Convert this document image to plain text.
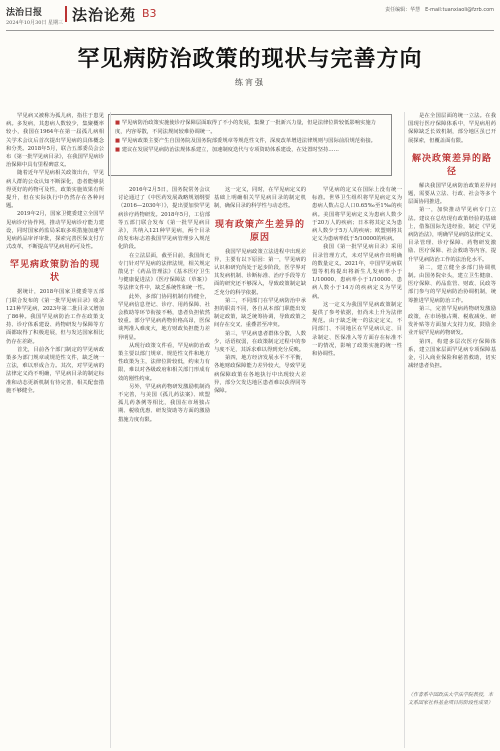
法治日报
2024年10月30日 星期三 法治论苑 B3	责任编辑：华慧　E-mail:tuanxiaoli@fzrb.com
罕见病防治政策的现状与完善方向
练宵强

■ 罕见病防治政策实施使诊疗保障层面取得了不小的发展，集聚了一批新兴力量，但是法律位阶较低影响实施力度，内容零散，不同法规间较难协调统一。

■ 罕见病政策主要产生自国务院及国务院部委规章等规范性文件，深度改革增进法律规则与国际前沿规范衔接。

■ 建议在发展罕见病防治法规体系建立，加速制度迭代与专项资助体系建设，在处置时坚持……

罕见病又被称为孤儿病，指往于患见病。多发病，其患病人数较少，集聚概率较小，我国在1964年在第一届孤儿病相关学术会议后首次提出罕见病的具体概念和分类。2018年5月，联合五部委员会公布《第一批罕见病目录》，在我国罕见病诊治保障中具有里程碑意义。

随着近年罕见病相关政策出台，罕见病人群的公众认知不断深化，患者能够获得更好的药物可及性，政策实施效果有所提升，但在实际执行中仍然存在各种问题。

2019年2月，国家卫健委建立全国罕见病诊疗协作网，推动罕见病诊疗能力建设，同时国家药监局采取多项措施加速罕见病药品审评审批，探索完善医保支付方式改革，不断提高罕见病用药可及性。

罕见病政策防治的现状

据统计，2018年国家卫健委等五部门联合发布的《第一批罕见病目录》收录121种罕见病，2023年第二批目录又增加了86种。我国罕见病防治工作在政策支持、诊疗体系建设、药物研发与保障等方面都取得了积极进展，但与发达国家相比仍存在差距。

首先，目前各个部门制定的罕见病政策多为部门规章或规范性文件，缺乏统一立法，难以形成合力。其次，对罕见病的法律定义尚不明确，罕见病目录的制定标准和动态更新机制有待完善，相关配套措施不够健全。

2016年2月5日，国务院常务会议讨论通过了《中医药发展战略规划纲要（2016—2030年）》，提出要加快罕见病诊疗药物研发。2018年5月，工信部等五部门联合发布《第一批罕见病目录》，共纳入121种罕见病，两个目录的发布标志着我国罕见病管理步入规范化阶段。

在立法层面，截至目前，我国尚无专门针对罕见病的法律法规，相关规定散见于《药品管理法》《基本医疗卫生与健康促进法》《医疗保障法（草案）》等法律文件中，缺乏系统性和统一性。

此外，多部门协同机制有待健全，罕见病信息登记、诊疗、用药保障、社会救助等环节衔接不畅，患者负担依然较重。部分罕见病药物价格高昂，医保谈判准入难度大，地方财政负担能力差异明显。

从现行政策文件看，罕见病防治政策主要以部门规章、规范性文件和地方性政策为主，法律位阶较低，约束力有限，难以对各级政府和相关部门形成有效的刚性约束。

另外，罕见病药物研发激励机制尚不完善，与美国《孤儿药法案》、欧盟孤儿药条例等相比，我国在市场独占期、税收优惠、研发资助等方面的激励措施力度有限。

这一定义，同时，在罕见病定义的基础上明确相关罕见病目录的制定机制，确保目录的科学性与动态性。

现有政策产生差异的原因

我国罕见病政策立法进程中出现差异，主要有以下原因：第一，罕见病的认识和研究尚处于起步阶段，医学界对其发病机制、诊断标准、治疗手段等方面的研究还不够深入，导致政策制定缺乏充分的科学依据。

第二，不同部门在罕见病防治中承担的职责不同，各自从本部门职能出发制定政策，缺乏统筹协调，导致政策之间存在交叉、重叠甚至冲突。

第三，罕见病患者群体分散，人数少，话语权弱，在政策制定过程中的参与度不足，其诉求难以得到充分反映。

第四，地方经济发展水平不平衡，各地财政保障能力差异较大，导致罕见病保障政策在各地执行中出现较大差异，部分欠发达地区患者难以获得同等保障。

罕见病的定义在国际上没有统一标准。世界卫生组织将罕见病定义为患病人数占总人口0.65‰至1‰的疾病。美国将罕见病定义为患病人数少于20万人的疾病；日本将其定义为患病人数少于5万人的疾病；欧盟则将其定义为患病率低于5/10000的疾病。

我国《第一批罕见病目录》采用目录管理方式，未对罕见病作出明确的数量定义。2021年，中国罕见病联盟等机构提出将新生儿发病率小于1/10000、患病率小于1/10000、患病人数小于14万的疾病定义为罕见病。

这一定义为我国罕见病政策制定提供了参考依据，但尚未上升为法律规范。由于缺乏统一的法定定义，不同部门、不同地区在罕见病认定、目录制定、医保准入等方面存在标准不一的情况，影响了政策实施的统一性和协调性。

是在全国层面的统一立法。在我国现行医疗保障体系中，罕见病用药保障缺乏长效机制，部分地区虽已开展探索，但覆盖面有限。

解决政策差异的路径

解决我国罕见病防治政策差异问题，需要从立法、行政、社会等多个层面协同推进。

第一，加快推动罕见病专门立法。建议在总结现有政策经验的基础上，借鉴国际先进经验，制定《罕见病防治法》，明确罕见病的法律定义、目录管理、诊疗保障、药物研发激励、医疗保障、社会救助等内容，提升罕见病防治工作的法治化水平。

第二，建立健全多部门协调机制。由国务院牵头，建立卫生健康、医疗保障、药品监管、财政、民政等部门参与的罕见病防治协调机制，统筹推进罕见病防治工作。

第三，完善罕见病药物研发激励政策，在市场独占期、税收减免、研发补贴等方面加大支持力度，鼓励企业开展罕见病药物研发。

第四，构建多层次医疗保障体系，建立国家层面罕见病专项保障基金，引入商业保险和慈善救助，切实减轻患者负担。

（作者系中国政法大学法学院教授，本文系国家社科基金项目的阶段性成果）
